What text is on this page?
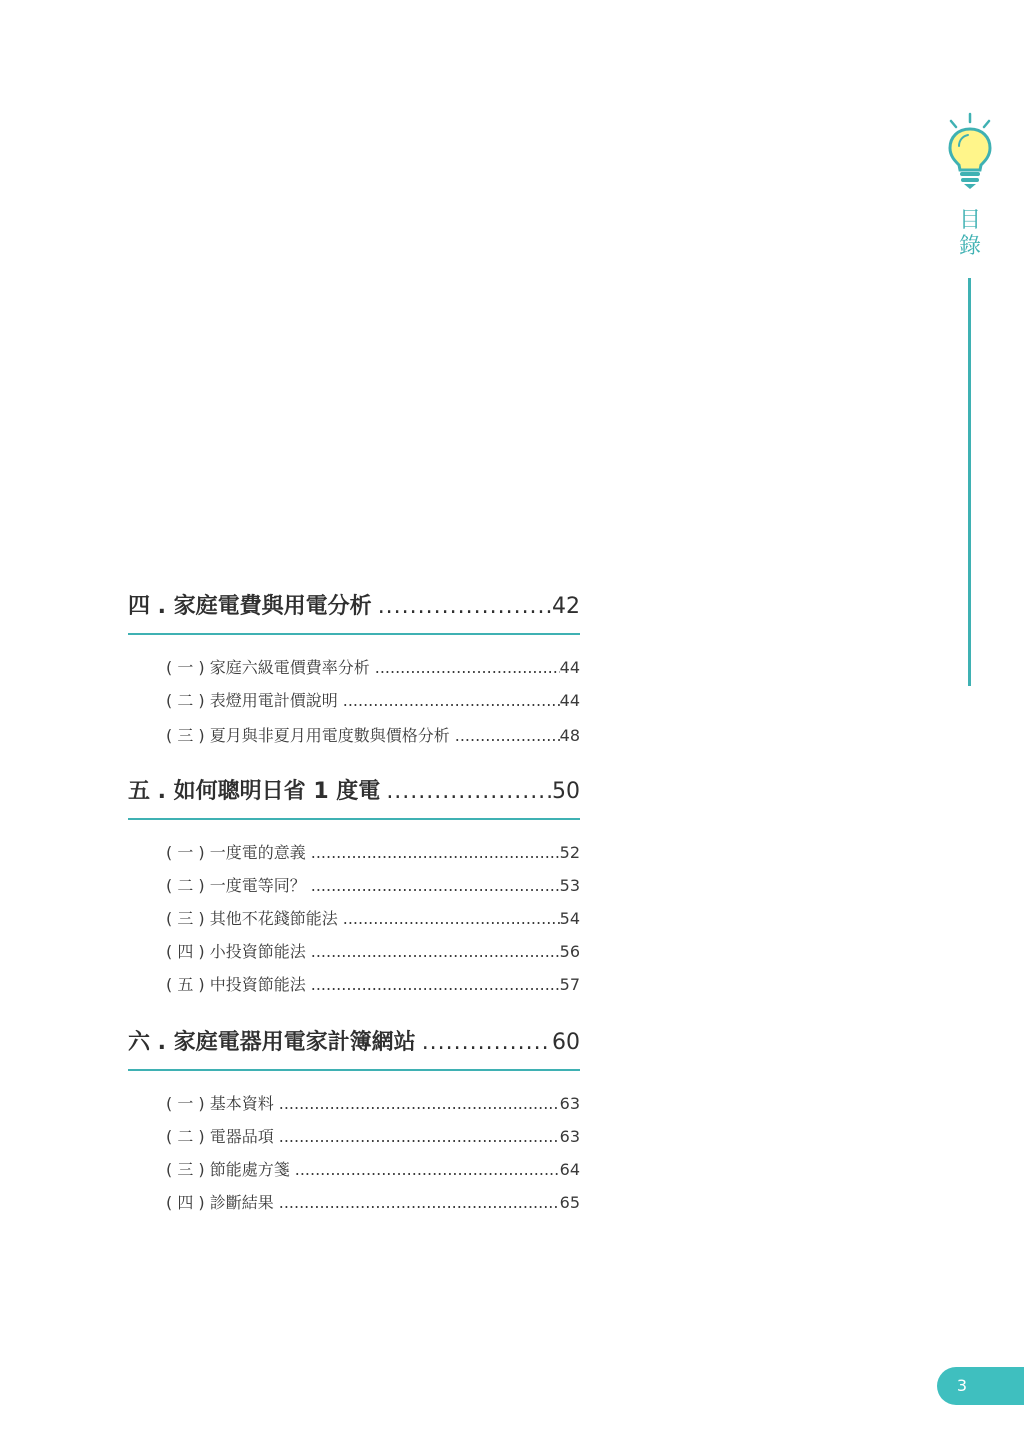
四 . 家庭電費與用電分析 .....	42
( 一 ) 家庭六級電價費率分析 .....	44
( 二 ) 表燈用電計價說明 .....	44
( 三 ) 夏月與非夏月用電度數與價格分析 .....	48
五 . 如何聰明日省 1 度電 .....	50
( 一 ) 一度電的意義 .....	52
( 二 ) 一度電等同？ .....	53
( 三 ) 其他不花錢節能法 .....	54
( 四 ) 小投資節能法 .....	56
( 五 ) 中投資節能法 .....	57
六 . 家庭電器用電家計簿網站 .....	60
( 一 ) 基本資料 .....	63
( 二 ) 電器品項 .....	63
( 三 ) 節能處方箋 .....	64
( 四 ) 診斷結果 .....	65
目
錄
3
